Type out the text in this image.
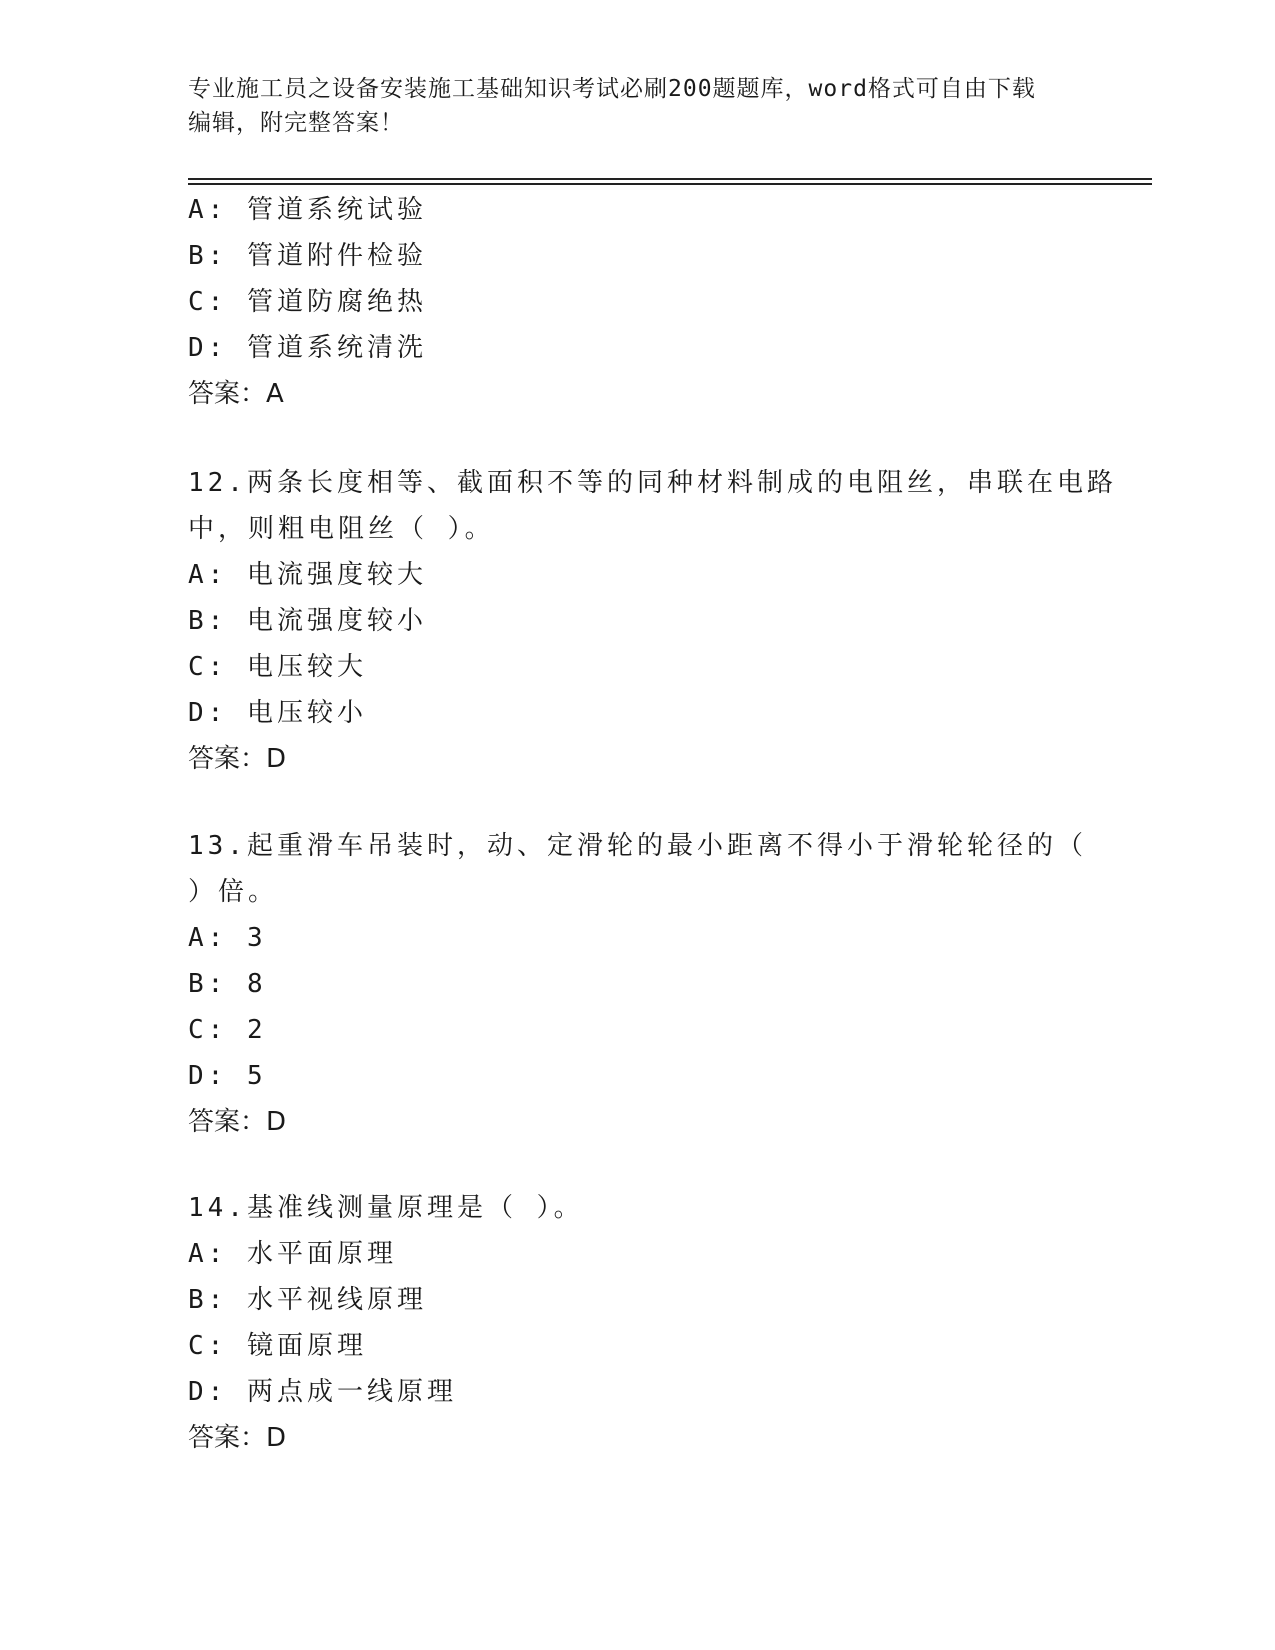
专业施工员之设备安装施工基础知识考试必刷200题题库，word格式可自由下载
编辑，附完整答案！
A: 管道系统试验
B: 管道附件检验
C: 管道防腐绝热
D: 管道系统清洗
答案：A
12.两条长度相等、截面积不等的同种材料制成的电阻丝，串联在电路
中，则粗电阻丝（ ）。
A: 电流强度较大
B: 电流强度较小
C: 电压较大
D: 电压较小
答案：D
13.起重滑车吊装时，动、定滑轮的最小距离不得小于滑轮轮径的（
）倍。
A: 3
B: 8
C: 2
D: 5
答案：D
14.基准线测量原理是（ ）。
A: 水平面原理
B: 水平视线原理
C: 镜面原理
D: 两点成一线原理
答案：D
